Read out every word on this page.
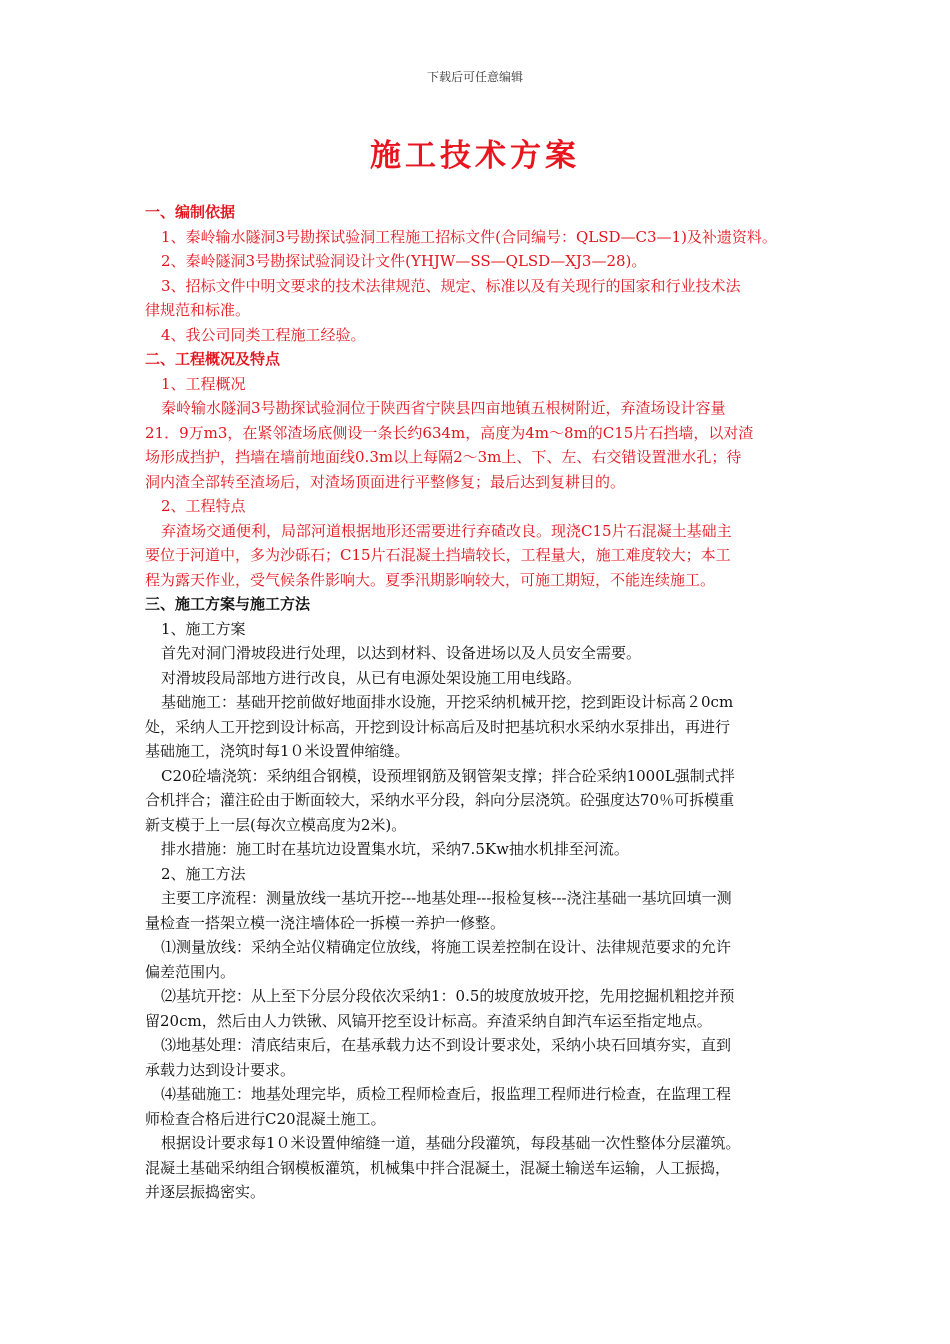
下载后可任意编辑
施工技术方案

一、编制依据

1、秦岭输水隧洞3号勘探试验洞工程施工招标文件(合同编号：QLSD—C3—1)及补遗资料。

2、秦岭隧洞3号勘探试验洞设计文件(YHJW—SS—QLSD—XJ3—28)。

3、招标文件中明文要求的技术法律规范、规定、标准以及有关现行的国家和行业技术法

律规范和标准。

4、我公司同类工程施工经验。

二、工程概况及特点

1、工程概况

秦岭输水隧洞3号勘探试验洞位于陕西省宁陕县四亩地镇五根树附近，弃渣场设计容量

21．9万m3，在紧邻渣场底侧设一条长约634m，高度为4m～8m的C15片石挡墙，以对渣

场形成挡护，挡墙在墙前地面线0.3m以上每隔2～3m上、下、左、右交错设置泄水孔；待

洞内渣全部转至渣场后，对渣场顶面进行平整修复；最后达到复耕目的。

2、工程特点

弃渣场交通便利，局部河道根据地形还需要进行弃碴改良。现浇C15片石混凝土基础主

要位于河道中，多为沙砾石；C15片石混凝土挡墙较长，工程量大，施工难度较大；本工

程为露天作业，受气候条件影响大。夏季汛期影响较大，可施工期短，不能连续施工。

三、施工方案与施工方法

1、施工方案

首先对洞门滑坡段进行处理，以达到材料、设备进场以及人员安全需要。

对滑坡段局部地方进行改良，从已有电源处架设施工用电线路。

基础施工：基础开挖前做好地面排水设施，开挖采纳机械开挖，挖到距设计标高２0cm

处，采纳人工开挖到设计标高，开挖到设计标高后及时把基坑积水采纳水泵排出，再进行

基础施工，浇筑时每1０米设置伸缩缝。

C20砼墙浇筑：采纳组合钢模，设预埋钢筋及钢管架支撑；拌合砼采纳1000L强制式拌

合机拌合；灌注砼由于断面较大，采纳水平分段，斜向分层浇筑。砼强度达70％可拆模重

新支模于上一层(每次立模高度为2米)。

排水措施：施工时在基坑边设置集水坑，采纳7.5Kw抽水机排至河流。

2、施工方法

主要工序流程：测量放线一基坑开挖---地基处理---报检复核---浇注基础一基坑回填一测

量检查一搭架立模一浇注墙体砼一拆模一养护一修整。

⑴测量放线：采纳全站仪精确定位放线，将施工误差控制在设计、法律规范要求的允许

偏差范围内。

⑵基坑开挖：从上至下分层分段依次采纳1：0.5的坡度放坡开挖，先用挖掘机粗挖并预

留20cm，然后由人力铁锹、风镐开挖至设计标高。弃渣采纳自卸汽车运至指定地点。

⑶地基处理：清底结束后，在基承载力达不到设计要求处，采纳小块石回填夯实，直到

承载力达到设计要求。

⑷基础施工：地基处理完毕，质检工程师检查后，报监理工程师进行检查，在监理工程

师检查合格后进行C20混凝土施工。

根据设计要求每1０米设置伸缩缝一道，基础分段灌筑，每段基础一次性整体分层灌筑。

混凝土基础采纳组合钢模板灌筑，机械集中拌合混凝土，混凝土输送车运输，人工振捣，

并逐层振捣密实。
